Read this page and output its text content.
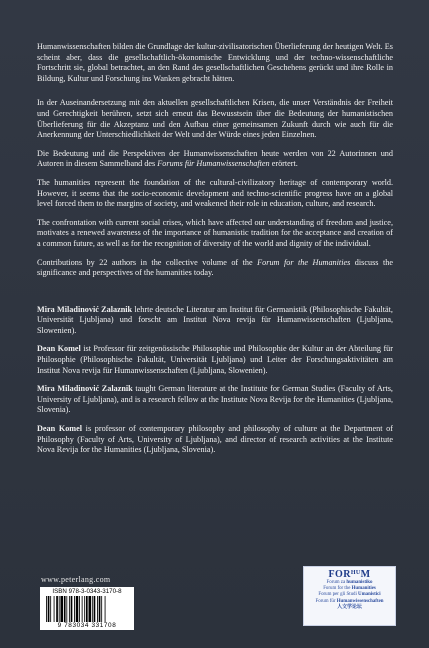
Humanwissenschaften bilden die Grundlage der kultur-zivilisatorischen Überlieferung der heutigen Welt. Es scheint aber, dass die gesellschaftlich-ökonomische Entwicklung und der techno-wissenschaftliche Fortschritt sie, global betrachtet, an den Rand des gesellschaftlichen Geschehens gerückt und ihre Rolle in Bildung, Kultur und Forschung ins Wanken gebracht hätten.

In der Auseinandersetzung mit den aktuellen gesellschaftlichen Krisen, die unser Verständnis der Freiheit und Gerechtigkeit berühren, setzt sich erneut das Bewusstsein über die Bedeutung der humanistischen Überlieferung für die Akzeptanz und den Aufbau einer gemeinsamen Zukunft durch wie auch für die Anerkennung der Unterschiedlichkeit der Welt und der Würde eines jeden Einzelnen.

Die Bedeutung und die Perspektiven der Humanwissenschaften heute werden von 22 Autorinnen und Autoren in diesem Sammelband des Forums für Humanwissenschaften erörtert.

The humanities represent the foundation of the cultural-civilizatory heritage of contemporary world. However, it seems that the socio-economic development and techno-scientific progress have on a global level forced them to the margins of society, and weakened their role in education, culture, and research.

The confrontation with current social crises, which have affected our understanding of freedom and justice, motivates a renewed awareness of the importance of humanistic tradition for the acceptance and creation of a common future, as well as for the recognition of diversity of the world and dignity of the individual.

Contributions by 22 authors in the collective volume of the Forum for the Humanities discuss the significance and perspectives of the humanities today.

Mira Miladinović Zalaznik lehrte deutsche Literatur am Institut für Germanistik (Philosophische Fakultät, Universität Ljubljana) und forscht am Institut Nova revija für Humanwissenschaften (Ljubljana, Slowenien).

Dean Komel ist Professor für zeitgenössische Philosophie und Philosophie der Kultur an der Abteilung für Philosophie (Philosophische Fakultät, Universität Ljubljana) und Leiter der Forschungsaktivitäten am Institut Nova revija für Humanwissenschaften (Ljubljana, Slowenien).

Mira Miladinović Zalaznik taught German literature at the Institute for German Studies (Faculty of Arts, University of Ljubljana), and is a research fellow at the Institute Nova Revija for the Humanities (Ljubljana, Slovenia).

Dean Komel is professor of contemporary philosophy and philosophy of culture at the Department of Philosophy (Faculty of Arts, University of Ljubljana), and director of research activities at the Institute Nova Revija for the Humanities (Ljubljana, Slovenia).

www.peterlang.com
ISBN 978-3-0343-3170-8
9 783034 331708
$FOR^{HU}M$
Forum za humanistiko
Forum for the Humanities
Forum per gli Studi Umanistici
Forum für Humanwissenschaften
人文学论坛
